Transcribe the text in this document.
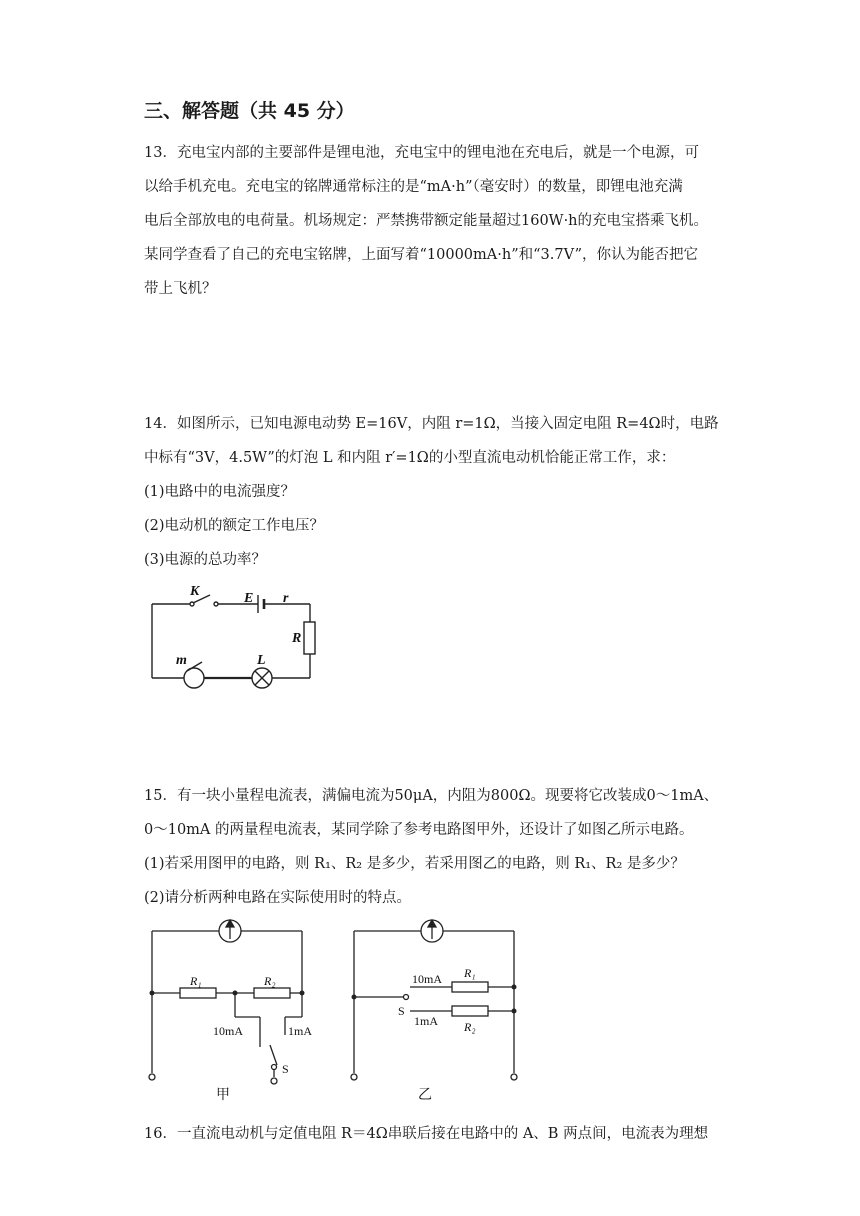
三、解答题（共 45 分）
13．充电宝内部的主要部件是锂电池，充电宝中的锂电池在充电后，就是一个电源，可
以给手机充电。充电宝的铭牌通常标注的是“mA·h”（毫安时）的数量，即锂电池充满
电后全部放电的电荷量。机场规定：严禁携带额定能量超过160W·h的充电宝搭乘飞机。
某同学查看了自己的充电宝铭牌，上面写着“10000mA·h”和“3.7V”，你认为能否把它
带上飞机？
14．如图所示，已知电源电动势 E=16V，内阻 r=1Ω，当接入固定电阻 R=4Ω时，电路
中标有“3V，4.5W”的灯泡 L 和内阻 r′=1Ω的小型直流电动机恰能正常工作，求：
(1)电路中的电流强度？
(2)电动机的额定工作电压？
(3)电源的总功率？
K	E r
R
m	L
15．有一块小量程电流表，满偏电流为50μA，内阻为800Ω。现要将它改装成0～1mA、
0～10mA 的两量程电流表，某同学除了参考电路图甲外，还设计了如图乙所示电路。
(1)若采用图甲的电路，则 R₁、R₂ 是多少，若采用图乙的电路，则 R₁、R₂ 是多少？
(2)请分析两种电路在实际使用时的特点。
R₁	R₂
10mA	1mA
S
甲
R₁
R₂
10mA
1mA
S
乙
16．一直流电动机与定值电阻 R＝4Ω串联后接在电路中的 A、B 两点间，电流表为理想
